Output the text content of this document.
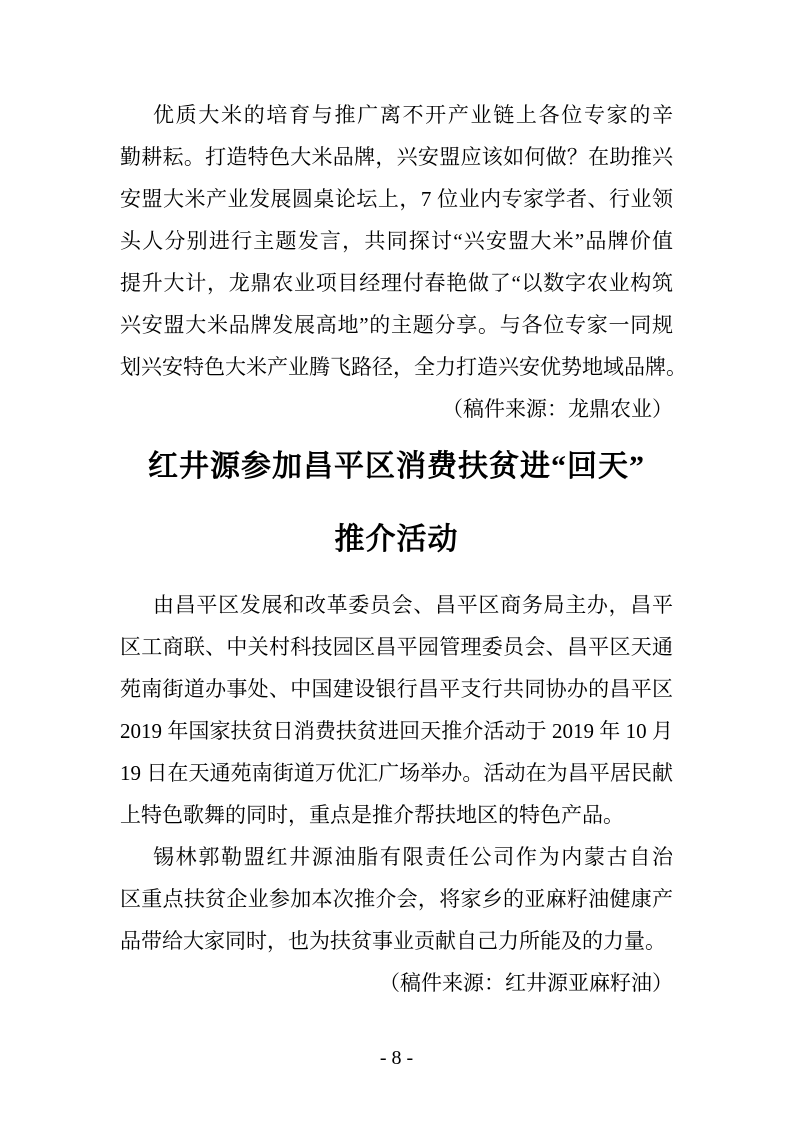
优质大米的培育与推广离不开产业链上各位专家的辛

勤耕耘。打造特色大米品牌，兴安盟应该如何做？在助推兴

安盟大米产业发展圆桌论坛上，7 位业内专家学者、行业领

头人分别进行主题发言，共同探讨“兴安盟大米”品牌价值

提升大计，龙鼎农业项目经理付春艳做了“以数字农业构筑

兴安盟大米品牌发展高地”的主题分享。与各位专家一同规

划兴安特色大米产业腾飞路径，全力打造兴安优势地域品牌。

（稿件来源：龙鼎农业）

红井源参加昌平区消费扶贫进“回天”
推介活动

由昌平区发展和改革委员会、昌平区商务局主办，昌平

区工商联、中关村科技园区昌平园管理委员会、昌平区天通

苑南街道办事处、中国建设银行昌平支行共同协办的昌平区

2019 年国家扶贫日消费扶贫进回天推介活动于 2019 年 10 月

19 日在天通苑南街道万优汇广场举办。活动在为昌平居民献

上特色歌舞的同时，重点是推介帮扶地区的特色产品。

锡林郭勒盟红井源油脂有限责任公司作为内蒙古自治

区重点扶贫企业参加本次推介会，将家乡的亚麻籽油健康产

品带给大家同时，也为扶贫事业贡献自己力所能及的力量。

（稿件来源：红井源亚麻籽油）

- 8 -
